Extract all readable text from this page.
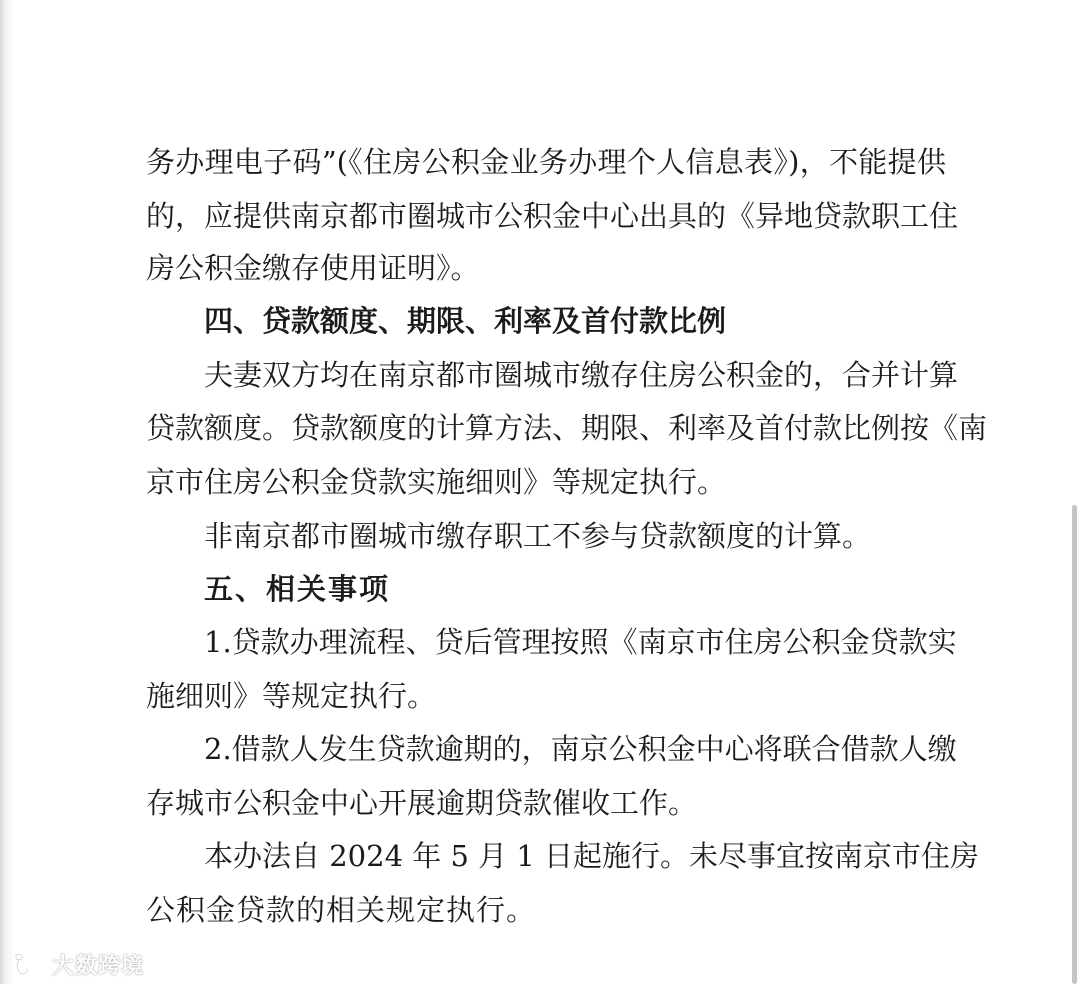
务办理电子码”(《住房公积金业务办理个人信息表》)，不能提供
的，应提供南京都市圈城市公积金中心出具的《异地贷款职工住
房公积金缴存使用证明》。
四、贷款额度、期限、利率及首付款比例
夫妻双方均在南京都市圈城市缴存住房公积金的，合并计算
贷款额度。贷款额度的计算方法、期限、利率及首付款比例按《南
京市住房公积金贷款实施细则》等规定执行。
非南京都市圈城市缴存职工不参与贷款额度的计算。
五、相关事项
1.贷款办理流程、贷后管理按照《南京市住房公积金贷款实
施细则》等规定执行。
2.借款人发生贷款逾期的，南京公积金中心将联合借款人缴
存城市公积金中心开展逾期贷款催收工作。
本办法自 2024 年 5 月 1 日起施行。未尽事宜按南京市住房
公积金贷款的相关规定执行。
大数跨境
